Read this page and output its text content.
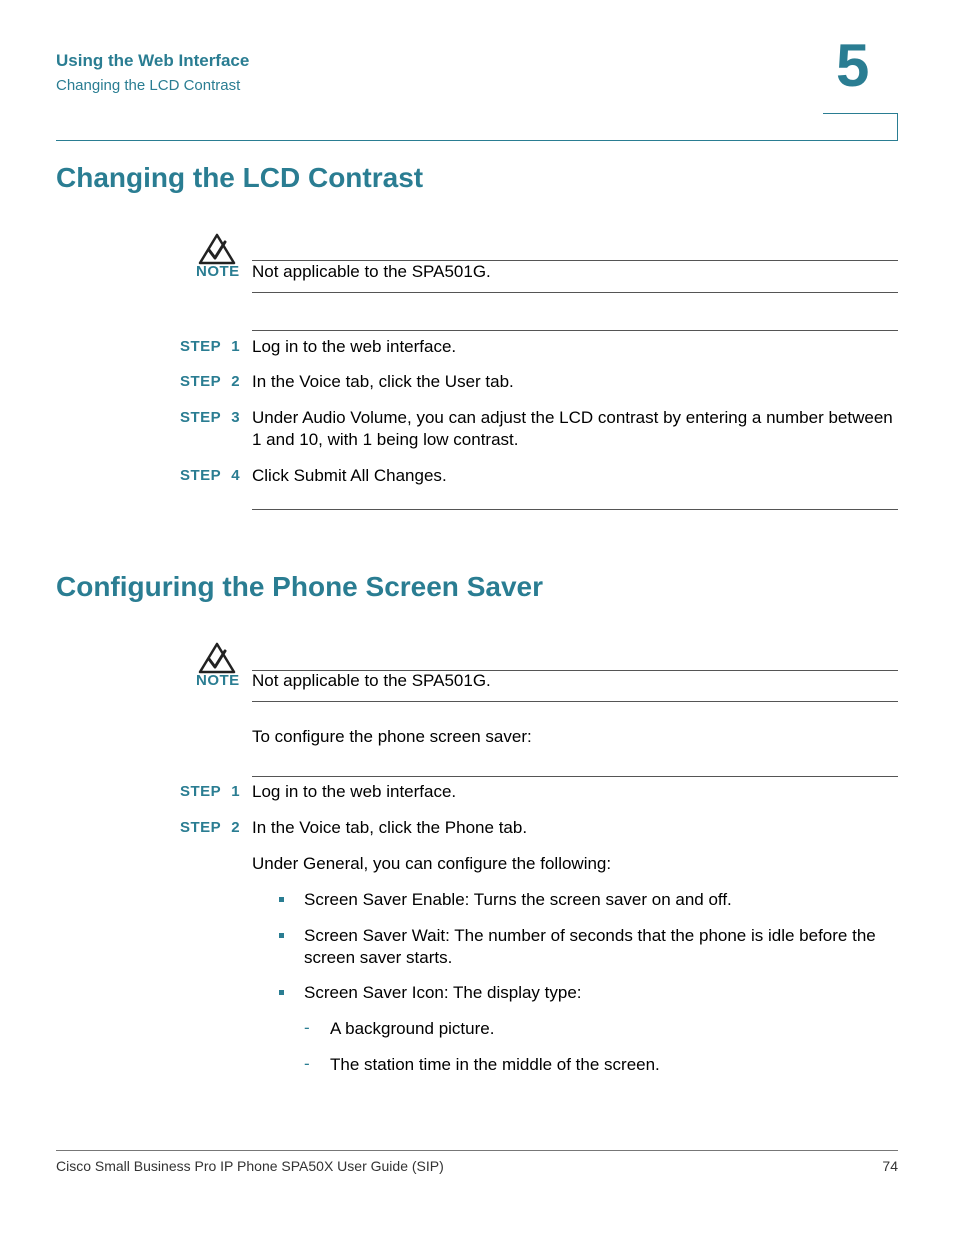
Using the Web Interface
Changing the LCD Contrast	5
Changing the LCD Contrast
NOTE Not applicable to the SPA501G.
STEP 1 Log in to the web interface.
STEP 2 In the Voice tab, click the User tab.
STEP 3 Under Audio Volume, you can adjust the LCD contrast by entering a number between 1 and 10, with 1 being low contrast.
STEP 4 Click Submit All Changes.
Configuring the Phone Screen Saver
NOTE Not applicable to the SPA501G.
To configure the phone screen saver:
STEP 1 Log in to the web interface.
STEP 2 In the Voice tab, click the Phone tab.
Under General, you can configure the following:
Screen Saver Enable: Turns the screen saver on and off.
Screen Saver Wait: The number of seconds that the phone is idle before the screen saver starts.
Screen Saver Icon: The display type:
- A background picture.
- The station time in the middle of the screen.
Cisco Small Business Pro IP Phone SPA50X User Guide (SIP)	74
